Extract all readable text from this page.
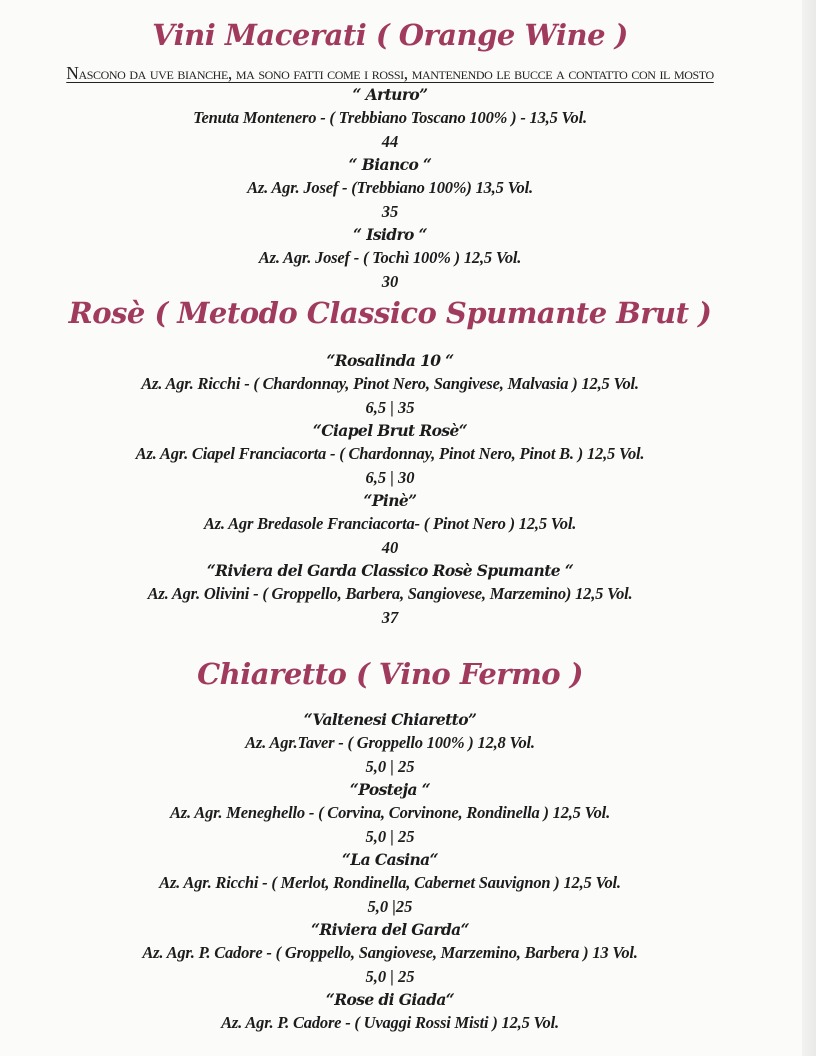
Vini Macerati ( Orange Wine )
Nascono da uve bianche, ma sono fatti come i rossi, mantenendo le bucce a contatto con il mosto
“ Arturo”
Tenuta Montenero - ( Trebbiano Toscano 100% ) - 13,5 Vol.
44
“ Bianco “
Az. Agr. Josef - (Trebbiano 100%) 13,5 Vol.
35
“ Isidro “
Az. Agr. Josef - ( Tochì 100% ) 12,5 Vol.
30
Rosè ( Metodo Classico Spumante Brut )
“Rosalinda 10 “
Az. Agr. Ricchi - ( Chardonnay, Pinot Nero, Sangivese, Malvasia ) 12,5 Vol.
6,5 | 35
“Ciapel Brut Rosè“
Az. Agr. Ciapel Franciacorta - ( Chardonnay, Pinot Nero, Pinot B. ) 12,5 Vol.
6,5 | 30
“Pinè”
Az. Agr Bredasole Franciacorta- ( Pinot Nero ) 12,5 Vol.
40
“Riviera del Garda Classico Rosè Spumante “
Az. Agr. Olivini - ( Groppello, Barbera, Sangiovese, Marzemino) 12,5 Vol.
37
Chiaretto ( Vino Fermo )
“Valtenesi Chiaretto”
Az. Agr.Taver - ( Groppello 100% ) 12,8 Vol.
5,0 | 25
“Posteja “
Az. Agr. Meneghello - ( Corvina, Corvinone, Rondinella ) 12,5 Vol.
5,0 | 25
“La Casina“
Az. Agr. Ricchi - ( Merlot, Rondinella, Cabernet Sauvignon ) 12,5 Vol.
5,0 |25
“Riviera del Garda“
Az. Agr. P. Cadore - ( Groppello, Sangiovese, Marzemino, Barbera ) 13 Vol.
5,0 | 25
“Rose di Giada“
Az. Agr. P. Cadore - ( Uvaggi Rossi Misti ) 12,5 Vol.
